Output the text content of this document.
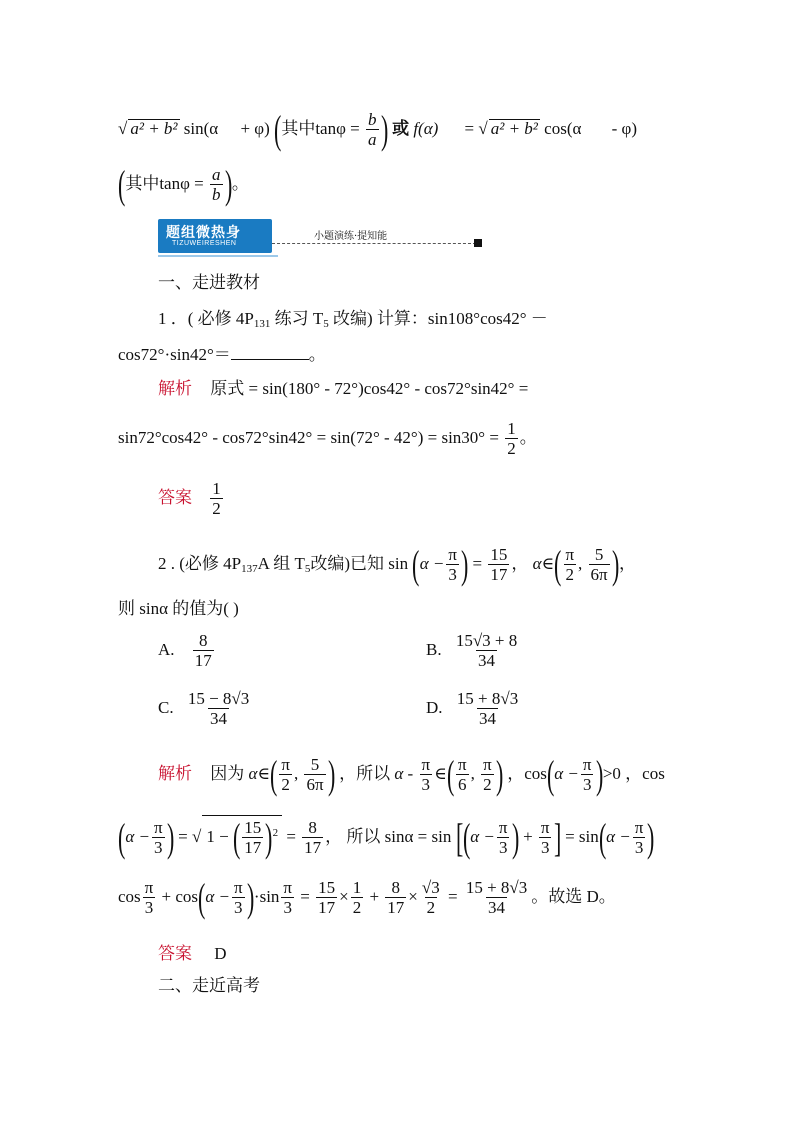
√ a² + b² sin(α + φ) (其中$\tan\varphi = \frac{b}{a}$ ) 或 f(α) = √ a² + b² cos(α - φ)
(其中$\tan\varphi = \frac{a}{b}$ )。
题组微热身
TIZUWEIRESHEN
小题演练·提知能
一、走进教材
1 ．( 必修 $4P_{131}$ 练习 $T_5$ 改编) 计算：sin108°cos42° －
cos72°·sin42°＝	。
解析 原式 = sin(180° - 72°)cos42° - cos72°sin42° =
$\sin 72^\circ\cos 42^\circ - \cos 72^\circ\sin 42^\circ = \sin(72^\circ - 42^\circ) = \sin 30^\circ = \frac{1}{2}$ 。
答案 $\frac{1}{2}$
2 . (必修 $4P_{137}A$ 组 $T_5$改编)已知 $\sin (\alpha - \frac{\pi}{3}$ ) = $\frac{15}{17}$ ， α∈( $\frac{\pi}{2}$ , $\frac{5}{6\pi}$ )，
则 sinα 的值为( )
A. $\frac{8}{17}$	B. $\frac{15√3 + 8}{34}$
C. $\frac{15 - 8√3}{34}$	D. $\frac{15 + 8√3}{34}$
解析 因为 α∈( $\frac{\pi}{2}$ , $\frac{5}{6\pi}$ ) ，所以 α - $\frac{\pi}{3}$ ∈( $\frac{\pi}{6}$ , $\frac{\pi}{2}$ ) ，$\cos(\alpha - \frac{\pi}{3} )>0$ ，cos
($\alpha - \frac{\pi}{3}$ ) = √ 1 − ( $\frac{15}{17} )^2 = \frac{8}{17}$ ， 所以 $\sin\alpha = \sin [(\alpha - \frac{\pi}{3}$ ) + $\frac{\pi}{3}$ ] = $\sin(\alpha - \frac{\pi}{3}$ )
$\cos \frac{\pi}{3} + \cos(\alpha - \frac{\pi}{3} )\cdot\sin \frac{\pi}{3} = \frac{15}{17} \times \frac{1}{2} + \frac{8}{17} \times \frac{√3}{2} = \frac{15 + 8√3}{34}$ 。故选 D。
答案 D
二、走近高考
